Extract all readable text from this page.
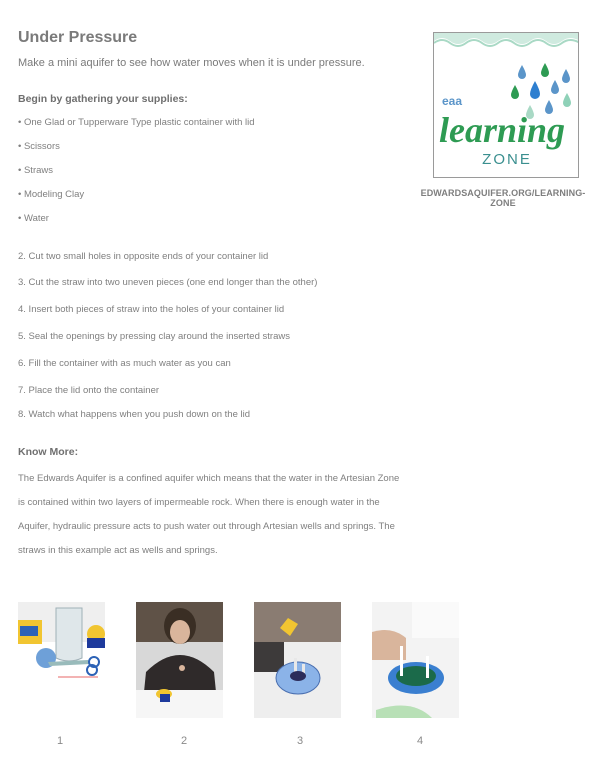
Under Pressure
Make a mini aquifer to see how water moves when it is under pressure.
Begin by gathering your supplies:
• One Glad or Tupperware Type plastic container with lid
• Scissors
• Straws
• Modeling Clay
• Water
2. Cut two small holes in opposite ends of your container lid
3. Cut the straw into two uneven pieces (one end longer than the other)
4. Insert both pieces of straw into the holes of your container lid
5. Seal the openings by pressing clay around the inserted straws
6. Fill the container with as much water as you can
7. Place the lid onto the container
8. Watch what happens when you push down on the lid
Know More:
The Edwards Aquifer is a confined aquifer which means that the water in the Artesian Zone
is contained within two layers of impermeable rock. When there is enough water in the
Aquifer, hydraulic pressure acts to push water out through Artesian wells and springs. The
straws in this example act as wells and springs.
eaa
learning
ZONE
EDWARDSAQUIFER.ORG/LEARNING-ZONE
1	2	3	4
